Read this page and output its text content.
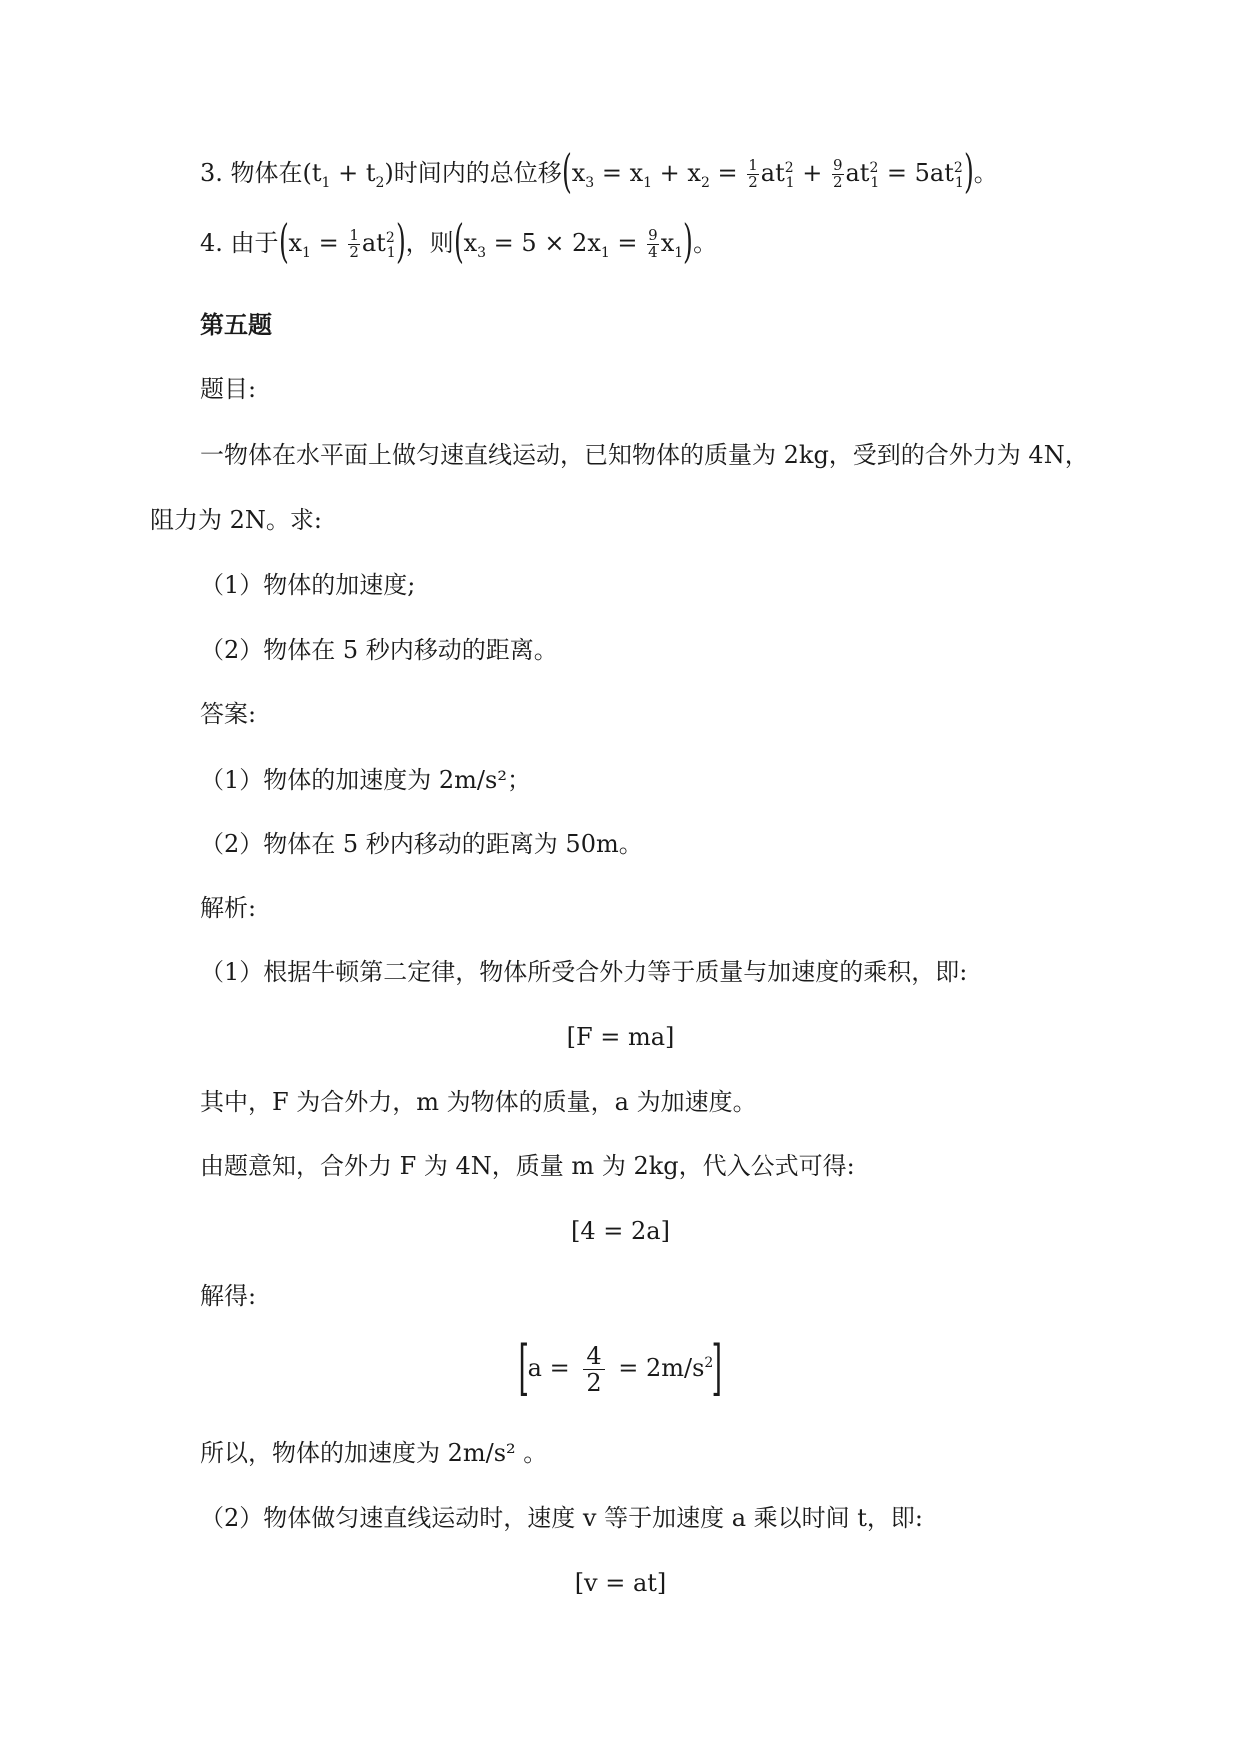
3. 物体在$(t_1 + t_2)$时间内的总位移$(x_3 = x_1 + x_2 = \frac{1}{2} at^2_1 + \frac{9}{2} at^2_1 = 5at^2_1)$。
4. 由于$(x_1 = \frac{1}{2} at^2_1)$，则$(x_3 = 5 \times 2x_1 = \frac{9}{4} x_1)$。
第五题
题目:
一物体在水平面上做匀速直线运动，已知物体的质量为 2kg，受到的合外力为 4N，
阻力为 2N。求:
（1）物体的加速度;
（2）物体在 5 秒内移动的距离。
答案:
（1）物体的加速度为 2m/s²；
（2）物体在 5 秒内移动的距离为 50m。
解析:
（1）根据牛顿第二定律，物体所受合外力等于质量与加速度的乘积，即:
[F = ma]
其中，F 为合外力，m 为物体的质量，a 为加速度。
由题意知，合外力 F 为 4N，质量 m 为 2kg，代入公式可得:
[4 = 2a]
解得:
$[a = \frac{4}{2} = 2m/s^2]$
所以，物体的加速度为 2m/s² 。
（2）物体做匀速直线运动时，速度 v 等于加速度 a 乘以时间 t，即:
[v = at]
